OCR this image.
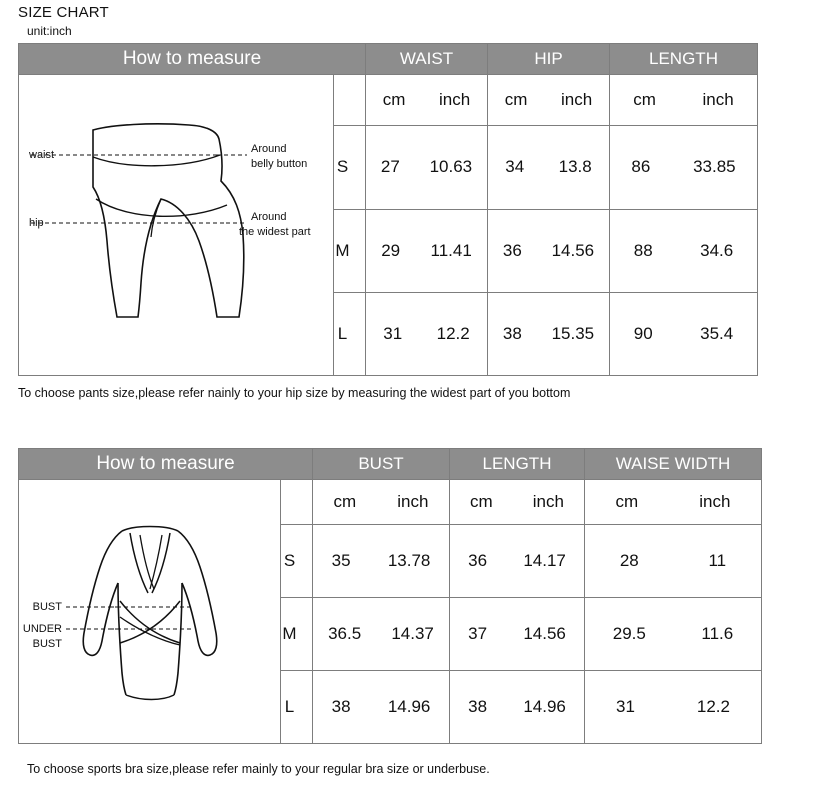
SIZE CHART
unit:inch
How to measure		WAIST	HIP	LENGTH

waist
hip
Around
belly button
Around
the widest part

cm inch	cm inch	cm	inch

	S	27 10.63	34 13.8	86 33.85

	M	29 11.41	36 14.56	88 34.6

	L	31 12.2	38 15.35	90 35.4
To choose pants size,please refer nainly to your hip size by measuring the widest part of you bottom
How to measure		BUST	LENGTH	WAISE WIDTH

BUST
UNDER
BUST		cm inch	cm inch	cm inch

	S	35 13.78	36 14.17	28 11

	M	36.5 14.37	37 14.56	29.5 11.6

	L	38 14.96	38 14.96	31 12.2
To choose sports bra size,please refer mainly to your regular bra size or underbuse.
